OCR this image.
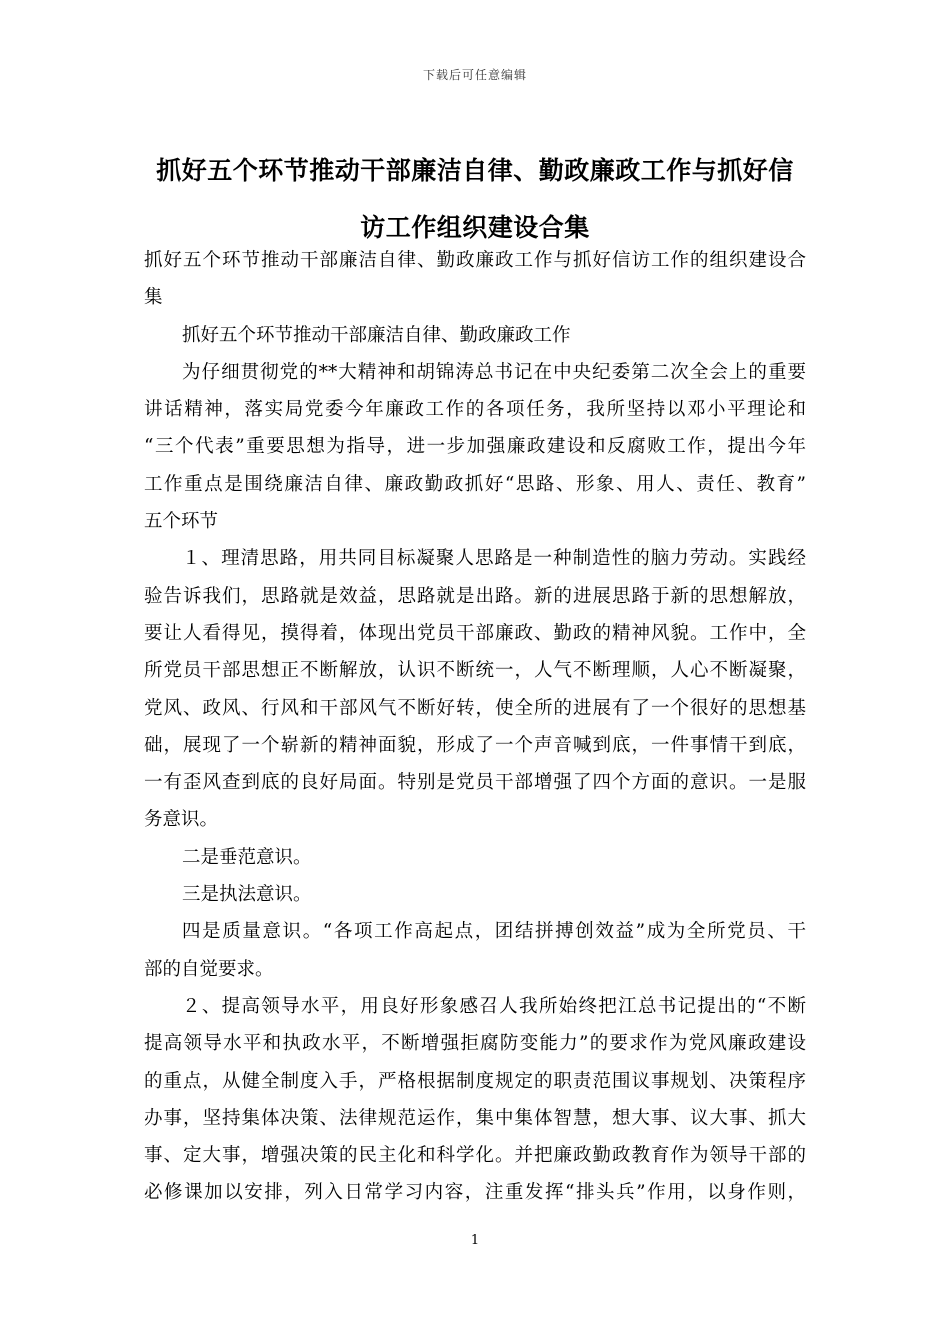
下载后可任意编辑
抓好五个环节推动干部廉洁自律、勤政廉政工作与抓好信
访工作组织建设合集
抓好五个环节推动干部廉洁自律、勤政廉政工作与抓好信访工作的组织建设合
集
抓好五个环节推动干部廉洁自律、勤政廉政工作
为仔细贯彻党的**大精神和胡锦涛总书记在中央纪委第二次全会上的重要
讲话精神，落实局党委今年廉政工作的各项任务，我所坚持以邓小平理论和
“三个代表”重要思想为指导，进一步加强廉政建设和反腐败工作，提出今年
工作重点是围绕廉洁自律、廉政勤政抓好“思路、形象、用人、责任、教育”
五个环节
１、理清思路，用共同目标凝聚人思路是一种制造性的脑力劳动。实践经
验告诉我们，思路就是效益，思路就是出路。新的进展思路于新的思想解放，
要让人看得见，摸得着，体现出党员干部廉政、勤政的精神风貌。工作中，全
所党员干部思想正不断解放，认识不断统一，人气不断理顺，人心不断凝聚，
党风、政风、行风和干部风气不断好转，使全所的进展有了一个很好的思想基
础，展现了一个崭新的精神面貌，形成了一个声音喊到底，一件事情干到底，
一有歪风查到底的良好局面。特别是党员干部增强了四个方面的意识。一是服
务意识。
二是垂范意识。
三是执法意识。
四是质量意识。“各项工作高起点，团结拼搏创效益”成为全所党员、干
部的自觉要求。
２、提高领导水平，用良好形象感召人我所始终把江总书记提出的“不断
提高领导水平和执政水平，不断增强拒腐防变能力”的要求作为党风廉政建设
的重点，从健全制度入手，严格根据制度规定的职责范围议事规划、决策程序
办事，坚持集体决策、法律规范运作，集中集体智慧，想大事、议大事、抓大
事、定大事，增强决策的民主化和科学化。并把廉政勤政教育作为领导干部的
必修课加以安排，列入日常学习内容，注重发挥“排头兵”作用，以身作则，
1
